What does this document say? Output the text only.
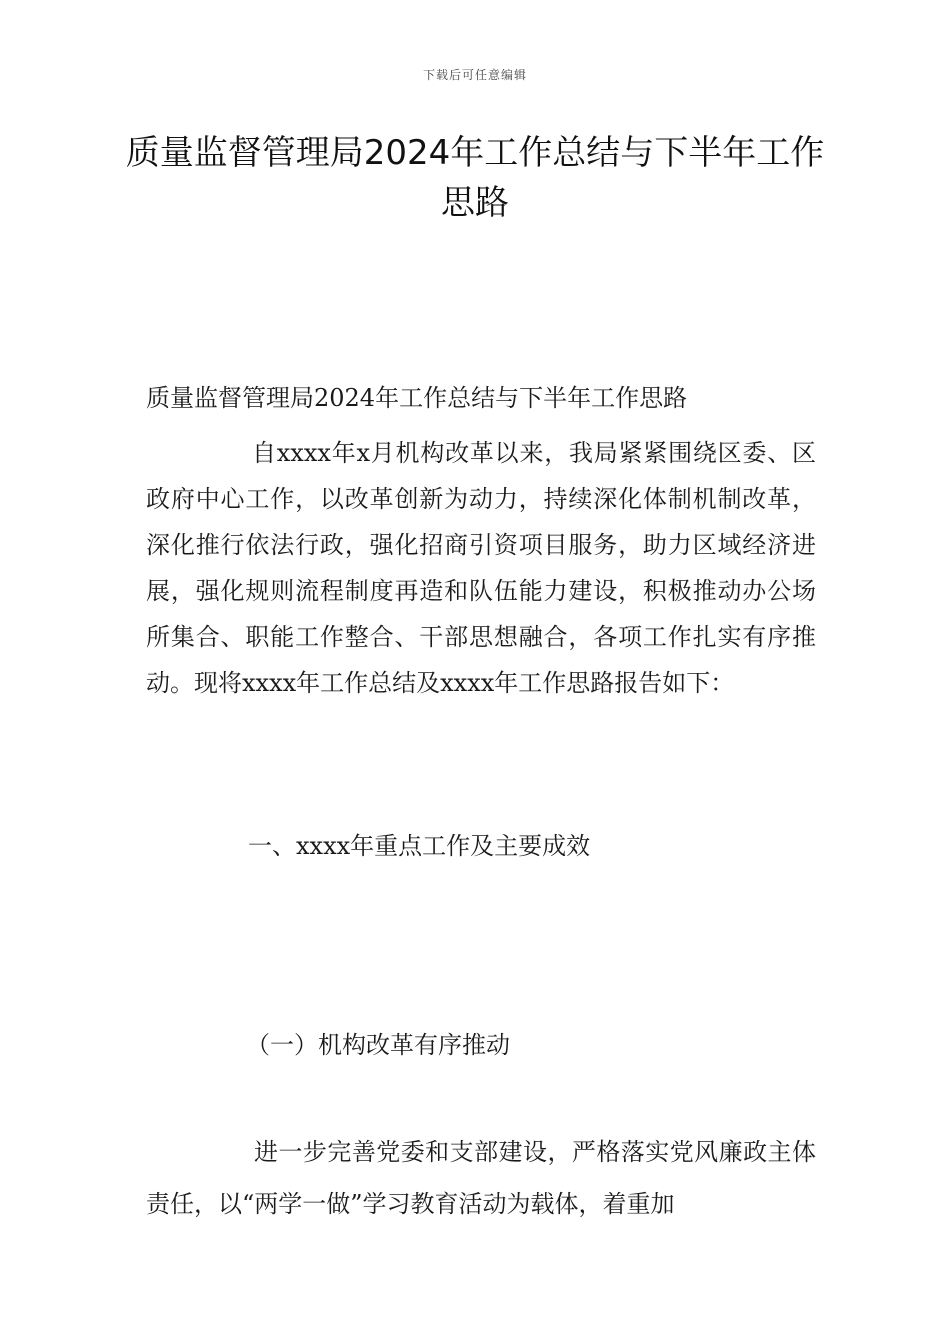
下载后可任意编辑
质量监督管理局2024年工作总结与下半年工作思路
质量监督管理局2024年工作总结与下半年工作思路

自xxxx年x月机构改革以来，我局紧紧围绕区委、区政府中心工作，以改革创新为动力，持续深化体制机制改革，深化推行依法行政，强化招商引资项目服务，助力区域经济进展，强化规则流程制度再造和队伍能力建设，积极推动办公场所集合、职能工作整合、干部思想融合，各项工作扎实有序推动。现将xxxx年工作总结及xxxx年工作思路报告如下：

一、xxxx年重点工作及主要成效
（一）机构改革有序推动

进一步完善党委和支部建设，严格落实党风廉政主体责任，以“两学一做”学习教育活动为载体，着重加
